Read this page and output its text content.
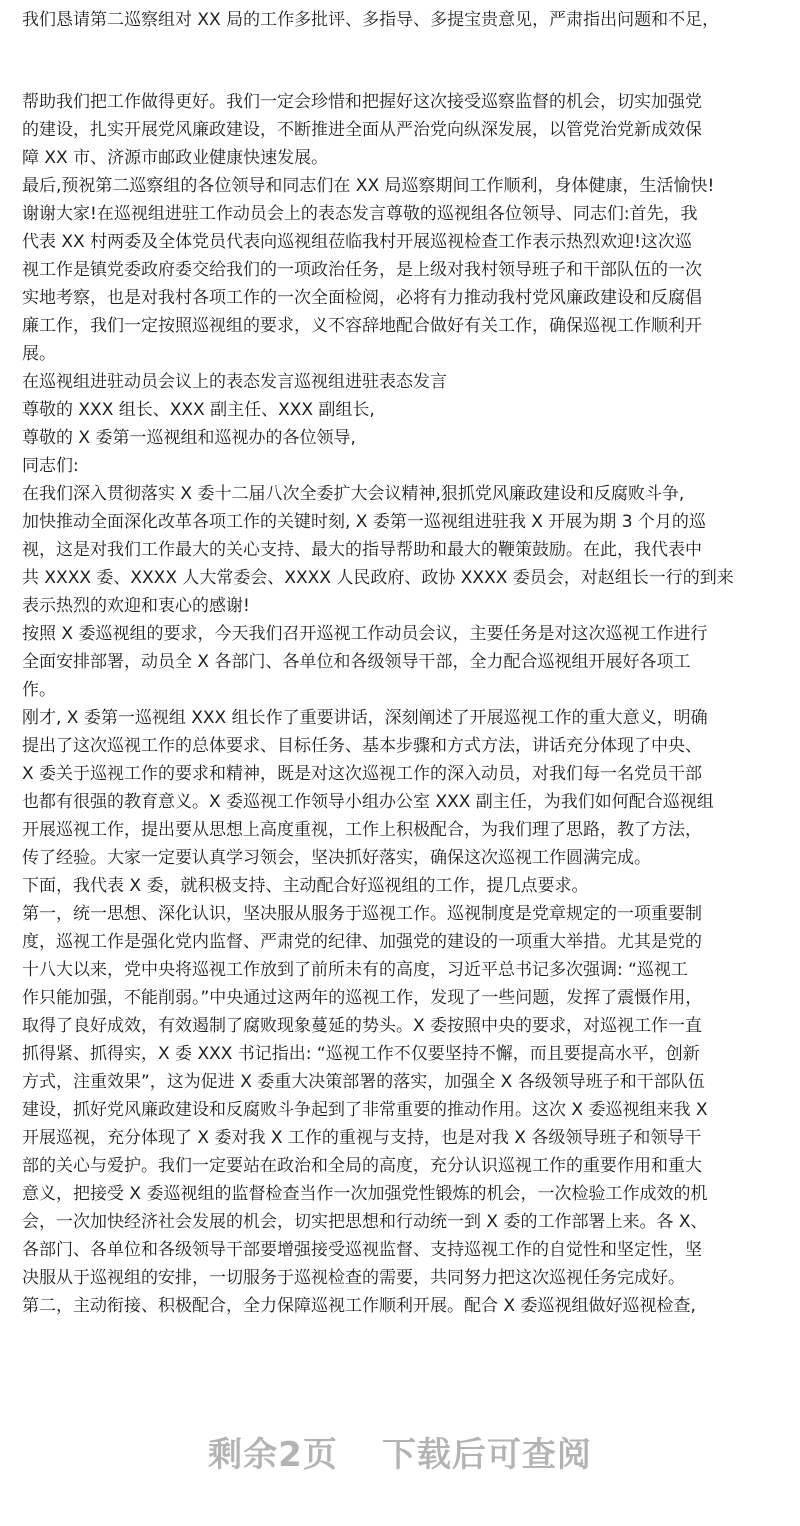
我们恳请第二巡察组对 XX 局的工作多批评、多指导、多提宝贵意见，严肃指出问题和不足，
帮助我们把工作做得更好。我们一定会珍惜和把握好这次接受巡察监督的机会，切实加强党
的建设，扎实开展党风廉政建设，不断推进全面从严治党向纵深发展，以管党治党新成效保
障 XX 市、济源市邮政业健康快速发展。
最后,预祝第二巡察组的各位领导和同志们在 XX 局巡察期间工作顺利，身体健康，生活愉快!
谢谢大家!在巡视组进驻工作动员会上的表态发言尊敬的巡视组各位领导、同志们:首先，我
代表 XX 村两委及全体党员代表向巡视组莅临我村开展巡视检查工作表示热烈欢迎!这次巡
视工作是镇党委政府委交给我们的一项政治任务，是上级对我村领导班子和干部队伍的一次
实地考察，也是对我村各项工作的一次全面检阅，必将有力推动我村党风廉政建设和反腐倡
廉工作，我们一定按照巡视组的要求，义不容辞地配合做好有关工作，确保巡视工作顺利开
展。
在巡视组进驻动员会议上的表态发言巡视组进驻表态发言
尊敬的 XXX 组长、XXX 副主任、XXX 副组长,
尊敬的 X 委第一巡视组和巡视办的各位领导,
同志们:
在我们深入贯彻落实 X 委十二届八次全委扩大会议精神,狠抓党风廉政建设和反腐败斗争,
加快推动全面深化改革各项工作的关键时刻, X 委第一巡视组进驻我 X 开展为期 3 个月的巡
视，这是对我们工作最大的关心支持、最大的指导帮助和最大的鞭策鼓励。在此，我代表中
共 XXXX 委、XXXX 人大常委会、XXXX 人民政府、政协 XXXX 委员会，对赵组长一行的到来
表示热烈的欢迎和衷心的感谢!
按照 X 委巡视组的要求，今天我们召开巡视工作动员会议，主要任务是对这次巡视工作进行
全面安排部署，动员全 X 各部门、各单位和各级领导干部，全力配合巡视组开展好各项工
作。
刚才, X 委第一巡视组 XXX 组长作了重要讲话，深刻阐述了开展巡视工作的重大意义，明确
提出了这次巡视工作的总体要求、目标任务、基本步骤和方式方法，讲话充分体现了中央、
X 委关于巡视工作的要求和精神，既是对这次巡视工作的深入动员，对我们每一名党员干部
也都有很强的教育意义。X 委巡视工作领导小组办公室 XXX 副主任，为我们如何配合巡视组
开展巡视工作，提出要从思想上高度重视，工作上积极配合，为我们理了思路，教了方法，
传了经验。大家一定要认真学习领会，坚决抓好落实，确保这次巡视工作圆满完成。
下面，我代表 X 委，就积极支持、主动配合好巡视组的工作，提几点要求。
第一，统一思想、深化认识，坚决服从服务于巡视工作。巡视制度是党章规定的一项重要制
度，巡视工作是强化党内监督、严肃党的纪律、加强党的建设的一项重大举措。尤其是党的
十八大以来，党中央将巡视工作放到了前所未有的高度，习近平总书记多次强调: “巡视工
作只能加强，不能削弱。”中央通过这两年的巡视工作，发现了一些问题，发挥了震慑作用，
取得了良好成效，有效遏制了腐败现象蔓延的势头。X 委按照中央的要求，对巡视工作一直
抓得紧、抓得实，X 委 XXX 书记指出: “巡视工作不仅要坚持不懈，而且要提高水平，创新
方式，注重效果”，这为促进 X 委重大决策部署的落实，加强全 X 各级领导班子和干部队伍
建设，抓好党风廉政建设和反腐败斗争起到了非常重要的推动作用。这次 X 委巡视组来我 X
开展巡视，充分体现了 X 委对我 X 工作的重视与支持，也是对我 X 各级领导班子和领导干
部的关心与爱护。我们一定要站在政治和全局的高度，充分认识巡视工作的重要作用和重大
意义，把接受 X 委巡视组的监督检查当作一次加强党性锻炼的机会，一次检验工作成效的机
会，一次加快经济社会发展的机会，切实把思想和行动统一到 X 委的工作部署上来。各 X、
各部门、各单位和各级领导干部要增强接受巡视监督、支持巡视工作的自觉性和坚定性，坚
决服从于巡视组的安排，一切服务于巡视检查的需要，共同努力把这次巡视任务完成好。
第二，主动衔接、积极配合，全力保障巡视工作顺利开展。配合 X 委巡视组做好巡视检查,
剩余2页 下载后可查阅
